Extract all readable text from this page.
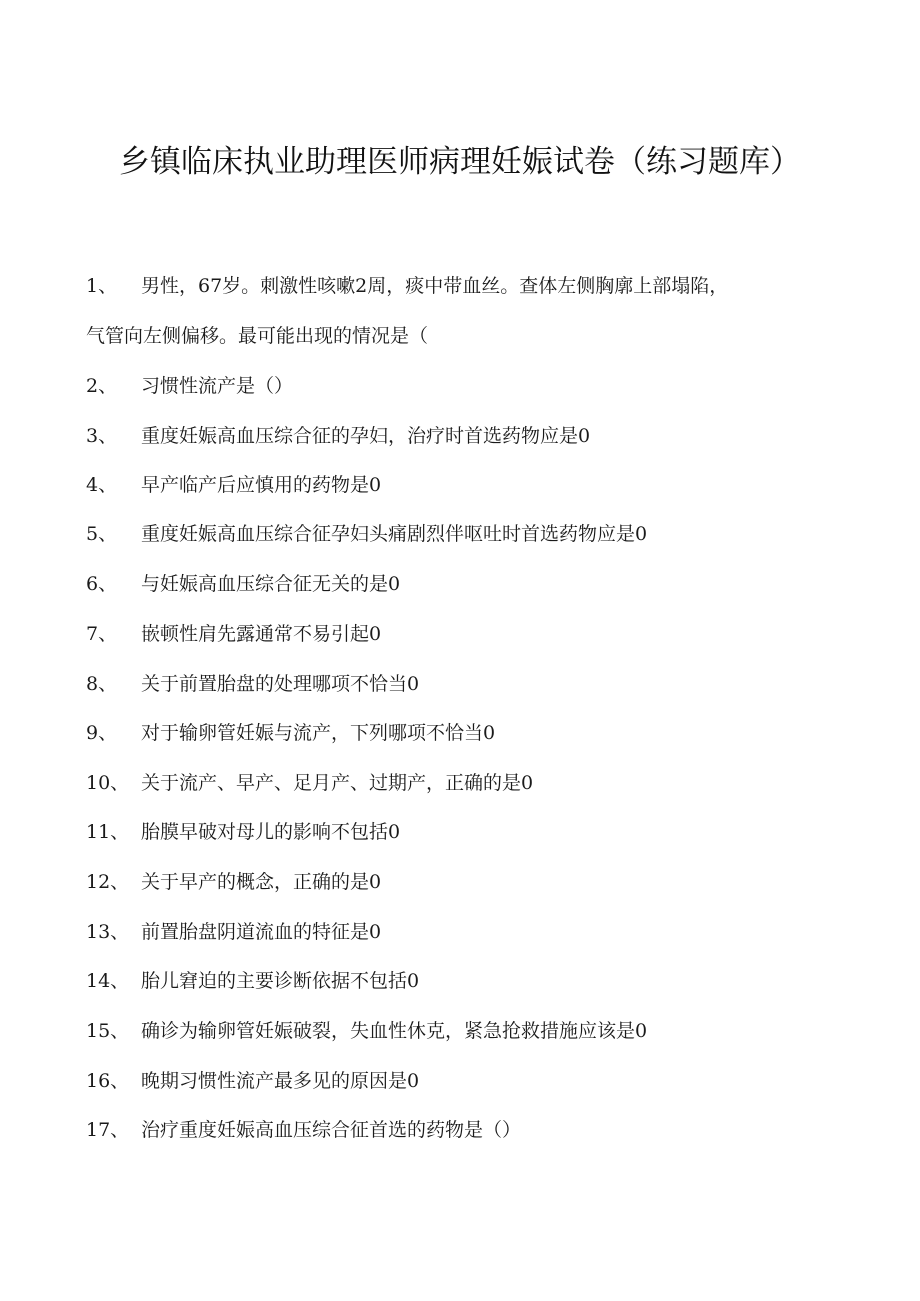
乡镇临床执业助理医师病理妊娠试卷（练习题库）
1、 男性，67岁。刺激性咳嗽2周，痰中带血丝。查体左侧胸廓上部塌陷，
气管向左侧偏移。最可能出现的情况是（
2、 习惯性流产是（）
3、 重度妊娠高血压综合征的孕妇，治疗时首选药物应是0
4、 早产临产后应慎用的药物是0
5、 重度妊娠高血压综合征孕妇头痛剧烈伴呕吐时首选药物应是0
6、 与妊娠高血压综合征无关的是0
7、 嵌顿性肩先露通常不易引起0
8、 关于前置胎盘的处理哪项不恰当0
9、 对于输卵管妊娠与流产，下列哪项不恰当0
10、 关于流产、早产、足月产、过期产，正确的是0
11、 胎膜早破对母儿的影响不包括0
12、 关于早产的概念，正确的是0
13、 前置胎盘阴道流血的特征是0
14、 胎儿窘迫的主要诊断依据不包括0
15、 确诊为输卵管妊娠破裂，失血性休克，紧急抢救措施应该是0
16、 晚期习惯性流产最多见的原因是0
17、 治疗重度妊娠高血压综合征首选的药物是（）
